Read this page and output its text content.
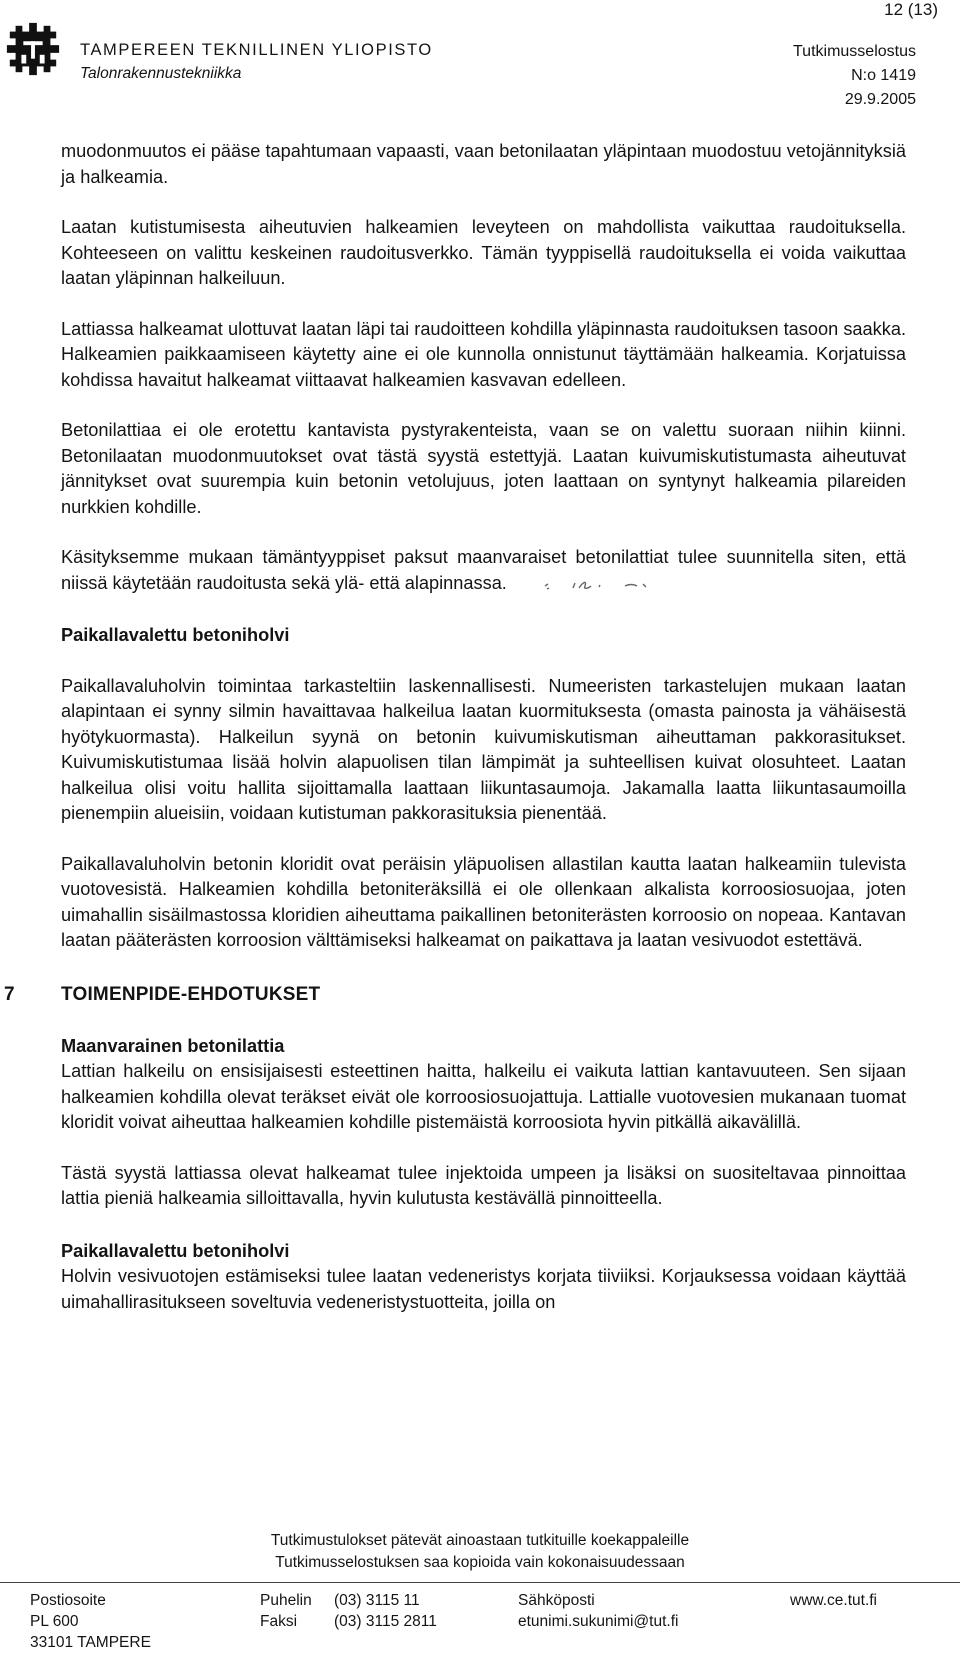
12 (13)
TAMPEREEN TEKNILLINEN YLIOPISTO
Talonrakennustekniikka
Tutkimusselostus
N:o 1419
29.9.2005

muodonmuutos ei pääse tapahtumaan vapaasti, vaan betonilaatan yläpintaan muodostuu vetojännityksiä ja halkeamia.

Laatan kutistumisesta aiheutuvien halkeamien leveyteen on mahdollista vaikuttaa raudoituksella. Kohteeseen on valittu keskeinen raudoitusverkko. Tämän tyyppisellä raudoituksella ei voida vaikuttaa laatan yläpinnan halkeiluun.

Lattiassa halkeamat ulottuvat laatan läpi tai raudoitteen kohdilla yläpinnasta raudoituksen tasoon saakka. Halkeamien paikkaamiseen käytetty aine ei ole kunnolla onnistunut täyttämään halkeamia. Korjatuissa kohdissa havaitut halkeamat viittaavat halkeamien kasvavan edelleen.

Betonilattiaa ei ole erotettu kantavista pystyrakenteista, vaan se on valettu suoraan niihin kiinni. Betonilaatan muodonmuutokset ovat tästä syystä estettyjä. Laatan kuivumiskutistumasta aiheutuvat jännitykset ovat suurempia kuin betonin vetolujuus, joten laattaan on syntynyt halkeamia pilareiden nurkkien kohdille.

Käsityksemme mukaan tämäntyyppiset paksut maanvaraiset betonilattiat tulee suunnitella siten, että niissä käytetään raudoitusta sekä ylä- että alapinnassa.

Paikallavalettu betoniholvi

Paikallavaluholvin toimintaa tarkasteltiin laskennallisesti. Numeeristen tarkastelujen mukaan laatan alapintaan ei synny silmin havaittavaa halkeilua laatan kuormituksesta (omasta painosta ja vähäisestä hyötykuormasta). Halkeilun syynä on betonin kuivumiskutisman aiheuttaman pakkorasitukset. Kuivumiskutistumaa lisää holvin alapuolisen tilan lämpimät ja suhteellisen kuivat olosuhteet. Laatan halkeilua olisi voitu hallita sijoittamalla laattaan liikuntasaumoja. Jakamalla laatta liikuntasaumoilla pienempiin alueisiin, voidaan kutistuman pakkorasituksia pienentää.

Paikallavaluholvin betonin kloridit ovat peräisin yläpuolisen allastilan kautta laatan halkeamiin tulevista vuotovesistä. Halkeamien kohdilla betoniteräksillä ei ole ollenkaan alkalista korroosiosuojaa, joten uimahallin sisäilmastossa kloridien aiheuttama paikallinen betoniterästen korroosio on nopeaa. Kantavan laatan pääterästen korroosion välttämiseksi halkeamat on paikattava ja laatan vesivuodot estettävä.

7	TOIMENPIDE-EHDOTUKSET
Maanvarainen betonilattia

Lattian halkeilu on ensisijaisesti esteettinen haitta, halkeilu ei vaikuta lattian kantavuuteen. Sen sijaan halkeamien kohdilla olevat teräkset eivät ole korroosiosuojattuja. Lattialle vuotovesien mukanaan tuomat kloridit voivat aiheuttaa halkeamien kohdille pistemäistä korroosiota hyvin pitkällä aikavälillä.

Tästä syystä lattiassa olevat halkeamat tulee injektoida umpeen ja lisäksi on suositeltavaa pinnoittaa lattia pieniä halkeamia silloittavalla, hyvin kulutusta kestävällä pinnoitteella.

Paikallavalettu betoniholvi

Holvin vesivuotojen estämiseksi tulee laatan vedeneristys korjata tiiviiksi. Korjauksessa voidaan käyttää uimahallirasitukseen soveltuvia vedeneristystuotteita, joilla on

Tutkimustulokset pätevät ainoastaan tutkituille koekappaleille
Tutkimusselostuksen saa kopioida vain kokonaisuudessaan
Postiosoite
PL 600
33101 TAMPERE
Puhelin (03) 3115 11
Faksi (03) 3115 2811
Sähköposti
etunimi.sukunimi@tut.fi
www.ce.tut.fi
